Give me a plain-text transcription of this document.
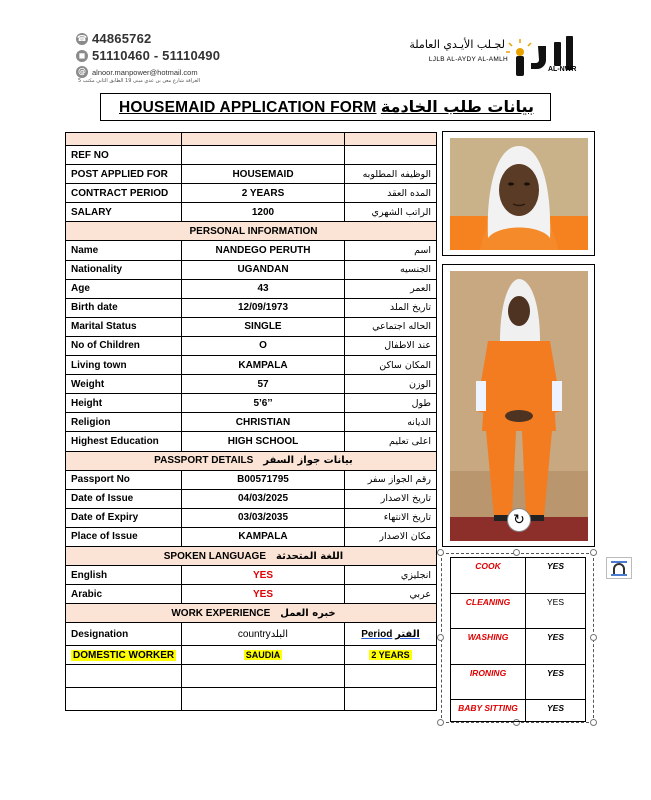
☎ 44865762
◼ 51110460 - 51110490
@ alnoor.manpower@hotmail.com
الغرافة شارع معن بن عدي مبنى 19 الطابق الثاني مكتب 5
لجـلب الأيـدي العاملة
LJLB AL-AYDY AL-AMLH
AL-NWR
HOUSEMAID APPLICATION FORM بيانات طلب الخادمة

REF NO		
POST APPLIED FOR	HOUSEMAID	الوظيفه المطلوبه
CONTRACT PERIOD	2 YEARS	المده العقد
SALARY	1200	الراتب الشهري
PERSONAL INFORMATION		
Name	NANDEGO PERUTH	اسم
Nationality	UGANDAN	الجنسيه
Age	43	العمر
Birth date	12/09/1973	تاريخ الملد
Marital Status	SINGLE	الحاله اجتماعي
No of Children	O	عند الاطفال
Living town	KAMPALA	المكان ساكن
Weight	57	الوزن
Height	5’6’’	طول
Religion	CHRISTIAN	الديانه
Highest Education	HIGH SCHOOL	اعلى تعليم
PASSPORT DETAILS بيانات جواز السفر		
Passport No	B00571795	رقم الجواز سفر
Date of Issue	04/03/2025	تاريخ الاصدار
Date of Expiry	03/03/2035	تاريخ الانتهاء
Place of Issue	KAMPALA	مكان الاصدار
SPOKEN LANGUAGE اللغة المتحدثة		
English	YES	انجليزي
Arabic	YES	عربي
WORK EXPERIENCE خبره العمل		
Designation	countryالبلد	Period الفتر
DOMESTIC WORKER	SAUDIA	2 YEARS

↻
COOK	YES
CLEANING	YES
WASHING	YES
IRONING	YES
BABY SITTING	YES
